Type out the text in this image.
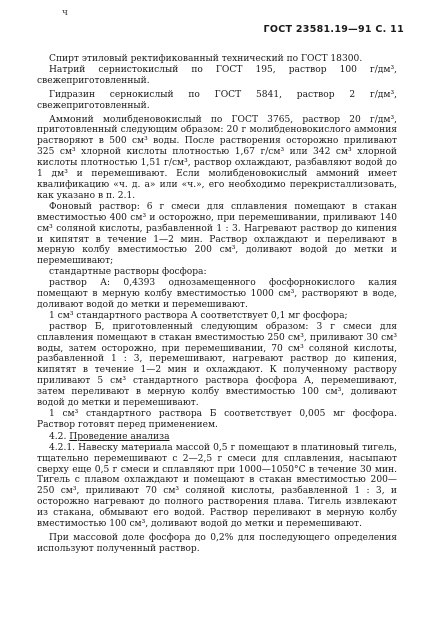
ч
ГОСТ 23581.19—91 С. 11

Спирт этиловый ректификованный технический по ГОСТ 18300.

Натрий сернистокислый по ГОСТ 195, раствор 100 г/дм³, свежеприготовленный.

Гидразин сернокислый по ГОСТ 5841, раствор 2 г/дм³, свежеприготовленный.

Аммоний молибденовокислый по ГОСТ 3765, раствор 20 г/дм³, приготовленный следующим образом: 20 г молибденовокислого аммония растворяют в 500 см³ воды. После растворения осторожно приливают 325 см³ хлорной кислоты плотностью 1,67 г/см³ или 342 см³ хлорной кислоты плотностью 1,51 г/см³, раствор охлаждают, разбавляют водой до 1 дм³ и перемешивают. Если молибденовокислый аммоний имеет квалификацию «ч. д. а» или «ч.», его необходимо перекристаллизовать, как указано в п. 2.1.

Фоновый раствор: 6 г смеси для сплавления помещают в стакан вместимостью 400 см³ и осторожно, при перемешивании, приливают 140 см³ соляной кислоты, разбавленной 1 : 3. Нагревают раствор до кипения и кипятят в течение 1—2 мин. Раствор охлаждают и переливают в мерную колбу вместимостью 200 см³, доливают водой до метки и перемешивают;

стандартные растворы фосфора:

раствор А: 0,4393 однозамещенного фосфорнокислого калия помещают в мерную колбу вместимостью 1000 см³, растворяют в воде, доливают водой до метки и перемешивают.

1 см³ стандартного раствора А соответствует 0,1 мг фосфора;

раствор Б, приготовленный следующим образом: 3 г смеси для сплавления помещают в стакан вместимостью 250 см³, приливают 30 см³ воды, затем осторожно, при перемешивании, 70 см³ соляной кислоты, разбавленной 1 : 3, перемешивают, нагревают раствор до кипения, кипятят в течение 1—2 мин и охлаждают. К полученному раствору приливают 5 см³ стандартного раствора фосфора А, перемешивают, затем переливают в мерную колбу вместимостью 100 см³, доливают водой до метки и перемешивают.

1 см³ стандартного раствора Б соответствует 0,005 мг фосфора. Раствор готовят перед применением.

4.2. Проведение анализа

4.2.1. Навеску материала массой 0,5 г помещают в платиновый тигель, тщательно перемешивают с 2—2,5 г смеси для сплавления, насыпают сверху еще 0,5 г смеси и сплавляют при 1000—1050°С в течение 30 мин. Тигель с плавом охлаждают и помещают в стакан вместимостью 200—250 см³, приливают 70 см³ соляной кислоты, разбавленной 1 : 3, и осторожно нагревают до полного растворения плава. Тигель извлекают из стакана, обмывают его водой. Раствор переливают в мерную колбу вместимостью 100 см³, доливают водой до метки и перемешивают.

При массовой доле фосфора до 0,2% для последующего определения используют полученный раствор.
